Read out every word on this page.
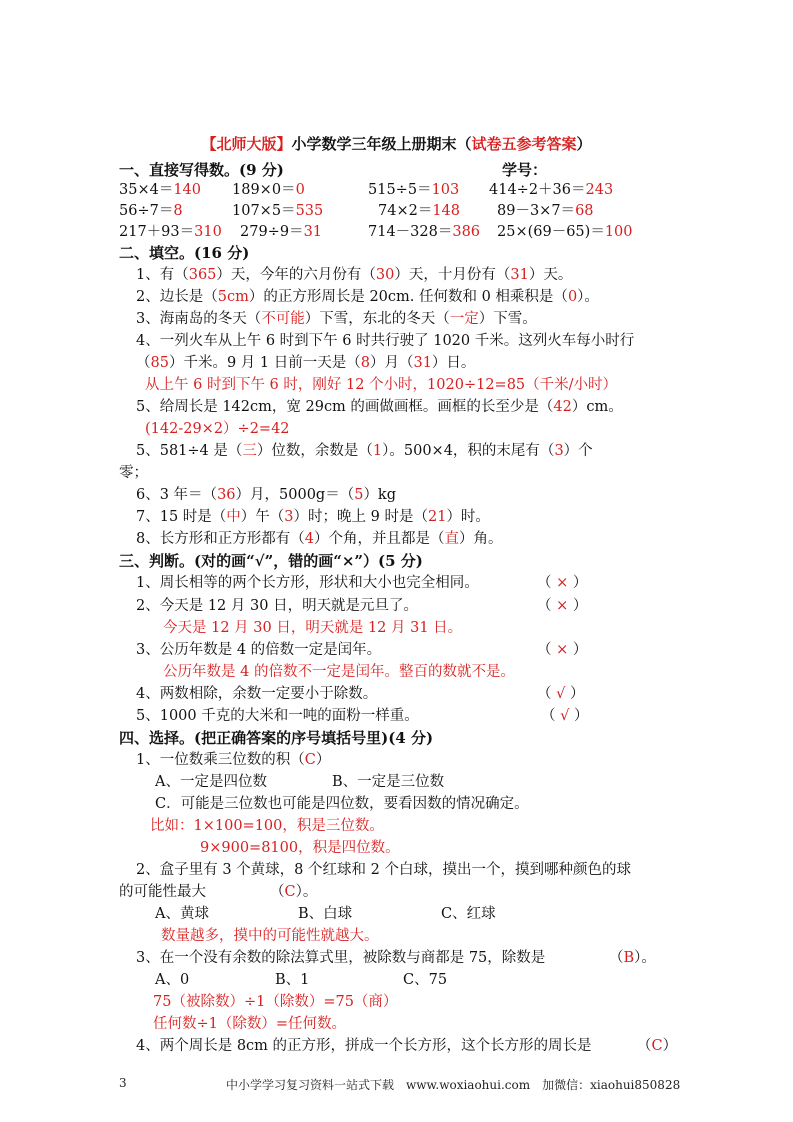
【北师大版】小学数学三年级上册期末（试卷五参考答案）
一、直接写得数。(9 分)	学号：
35×4＝140 189×0＝0	515÷5＝103 414÷2＋36＝243
56÷7＝8	107×5＝535	74×2＝148	89－3×7＝68
217＋93＝310 279÷9＝31	714－328＝386 25×(69－65)＝100
二、填空。(16 分)
1、有（365）天，今年的六月份有（30）天，十月份有（31）天。
2、边长是（5cm）的正方形周长是 20cm. 任何数和 0 相乘积是（0）。
3、海南岛的冬天（不可能）下雪，东北的冬天（一定）下雪。
4、一列火车从上午 6 时到下午 6 时共行驶了 1020 千米。这列火车每小时行
（85）千米。9 月 1 日前一天是（8）月（31）日。
从上午 6 时到下午 6 时，刚好 12 个小时，1020÷12=85（千米/小时）
5、给周长是 142cm，宽 29cm 的画做画框。画框的长至少是（42）cm。
(142-29×2）÷2=42
5、581÷4 是（三）位数，余数是（1）。500×4，积的末尾有（3）个
零；
6、3 年＝（36）月，5000g＝（5）kg
7、15 时是（中）午（3）时；晚上 9 时是（21）时。
8、长方形和正方形都有（4）个角，并且都是（直）角。
三、判断。(对的画“√”，错的画“×”）(5 分)
1、周长相等的两个长方形，形状和大小也完全相同。	（ × ）
2、今天是 12 月 30 日，明天就是元旦了。	（ × ）
今天是 12 月 30 日，明天就是 12 月 31 日。
3、公历年数是 4 的倍数一定是闰年。	（ × ）
公历年数是 4 的倍数不一定是闰年。整百的数就不是。
4、两数相除，余数一定要小于除数。	（ √ ）
5、1000 千克的大米和一吨的面粉一样重。	（ √ ）
四、选择。(把正确答案的序号填括号里)(4 分)
1、一位数乘三位数的积（C）
A、一定是四位数	B、一定是三位数
C．可能是三位数也可能是四位数，要看因数的情况确定。
比如：1×100=100，积是三位数。
9×900=8100，积是四位数。
2、盒子里有 3 个黄球，8 个红球和 2 个白球，摸出一个，摸到哪种颜色的球
的可能性最大	（C）。
A、黄球	B、白球	C、红球
数量越多，摸中的可能性就越大。
3、在一个没有余数的除法算式里，被除数与商都是 75，除数是	（B）。
A、0	B、1	C、75
75（被除数）÷1（除数）=75（商）
任何数÷1（除数）=任何数。
4、两个周长是 8cm 的正方形，拼成一个长方形，这个长方形的周长是	（C）
3	中小学学习复习资料一站式下载　www.woxiaohui.com　加微信：xiaohui850828
